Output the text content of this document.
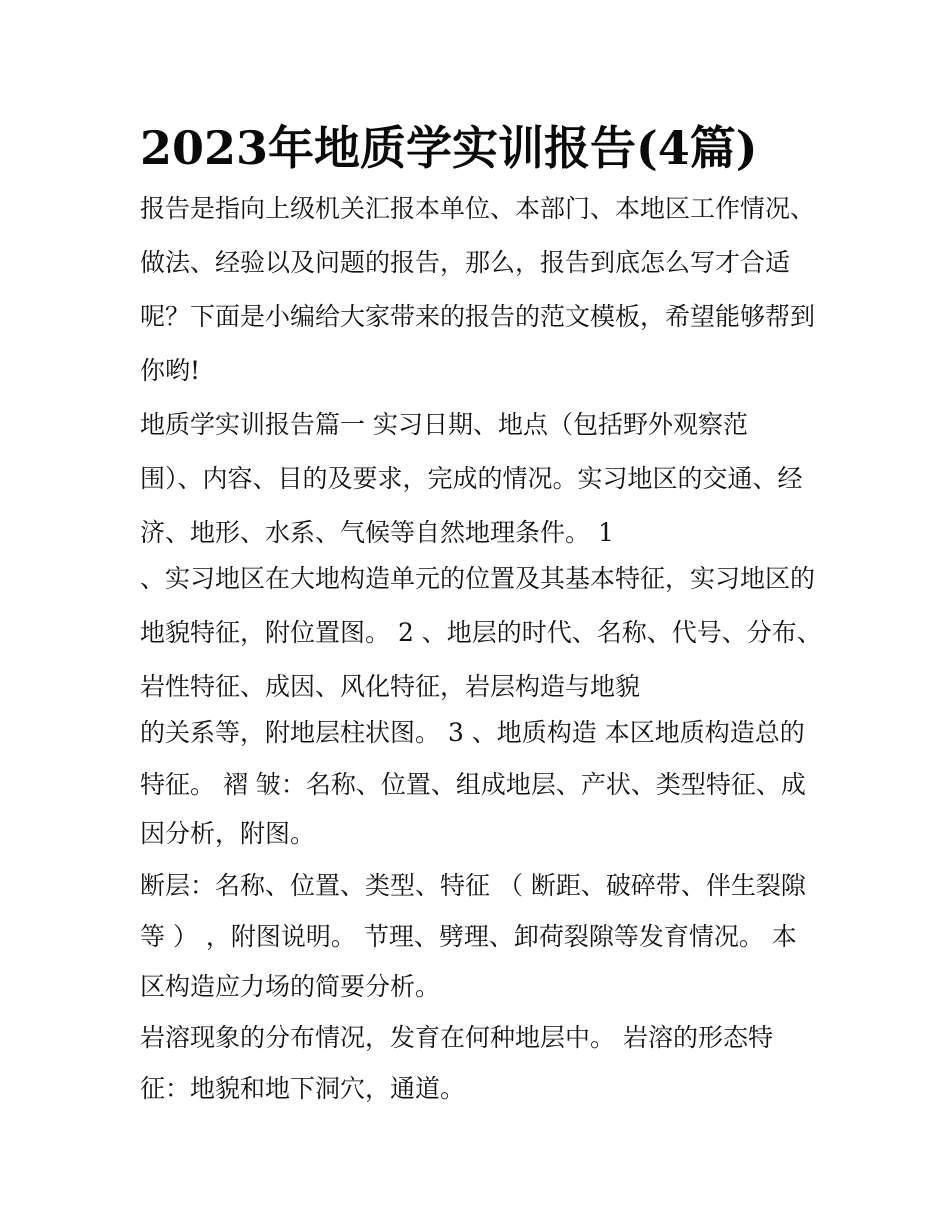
2023年地质学实训报告(4篇)
报告是指向上级机关汇报本单位、本部门、本地区工作情况、
做法、经验以及问题的报告，那么，报告到底怎么写才合适
呢？下面是小编给大家带来的报告的范文模板，希望能够帮到
你哟!
地质学实训报告篇一 实习日期、地点（包括野外观察范
围）、内容、目的及要求，完成的情况。实习地区的交通、经
济、地形、水系、气候等自然地理条件。 1
、实习地区在大地构造单元的位置及其基本特征，实习地区的
地貌特征，附位置图。 2 、地层的时代、名称、代号、分布、
岩性特征、成因、风化特征，岩层构造与地貌
的关系等，附地层柱状图。 3 、地质构造 本区地质构造总的
特征。 褶 皱：名称、位置、组成地层、产状、类型特征、成
因分析，附图。
断层：名称、位置、类型、特征 （ 断距、破碎带、伴生裂隙
等 ） ，附图说明。 节理、劈理、卸荷裂隙等发育情况。 本
区构造应力场的简要分析。
岩溶现象的分布情况，发育在何种地层中。 岩溶的形态特
征：地貌和地下洞穴，通道。
